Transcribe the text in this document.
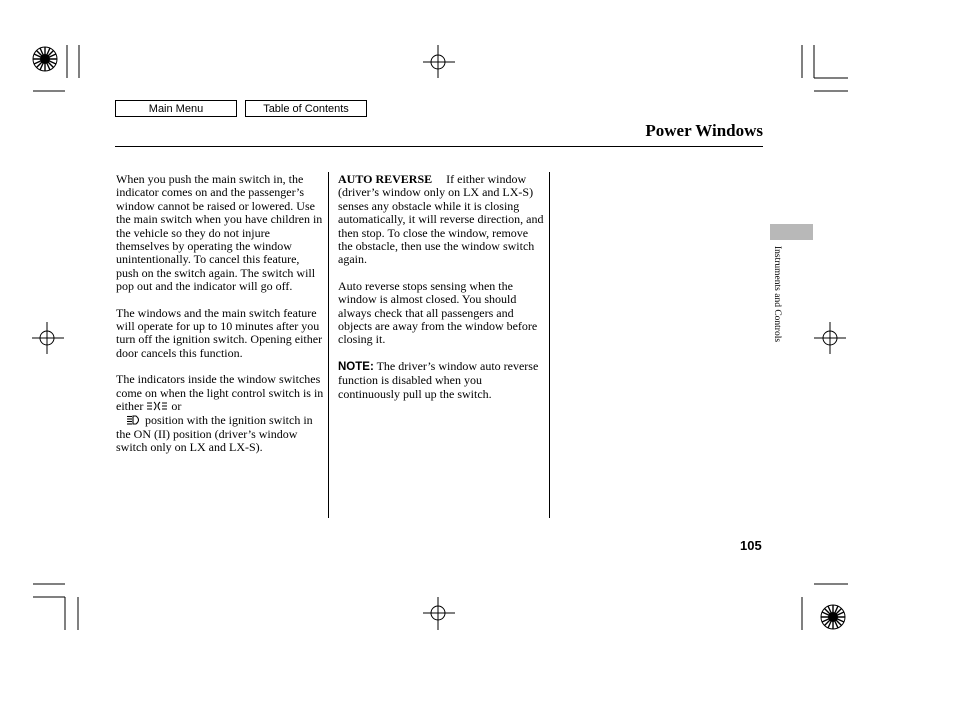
Main Menu	Table of Contents
Power Windows

When you push the main switch in, the indicator comes on and the passenger’s window cannot be raised or lowered. Use the main switch when you have children in the vehicle so they do not injure themselves by operating the window unintentionally. To cancel this feature, push on the switch again. The switch will pop out and the indicator will go off.

The windows and the main switch feature will operate for up to 10 minutes after you turn off the ignition switch. Opening either door cancels this function.

The indicators inside the window switches come on when the light control switch is in either or
position with the ignition switch in the ON (II) position (driver’s window switch only on LX and LX-S).

AUTO REVERSE If either window (driver’s window only on LX and LX-S) senses any obstacle while it is closing automatically, it will reverse direction, and then stop. To close the window, remove the obstacle, then use the window switch again.

Auto reverse stops sensing when the window is almost closed. You should always check that all passengers and objects are away from the window before closing it.

NOTE: The driver’s window auto reverse function is disabled when you continuously pull up the switch.

Instruments and Controls
105
